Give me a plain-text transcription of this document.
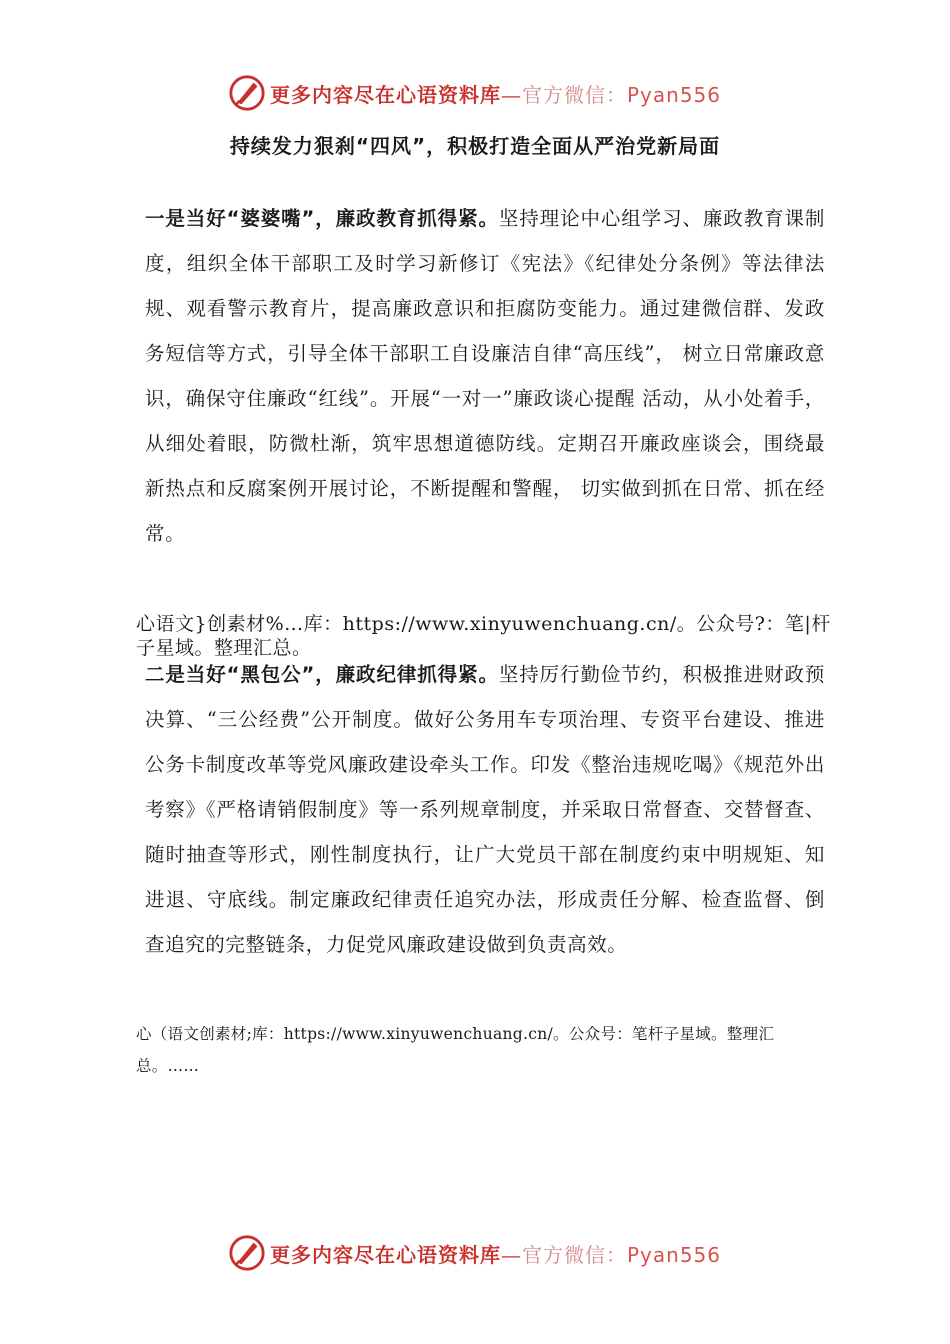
更多内容尽在心语资料库—官方微信：Pyan556
持续发力狠刹“四风”，积极打造全面从严治党新局面
一是当好“婆婆嘴”，廉政教育抓得紧。坚持理论中心组学习、廉政教育课制度，组织全体干部职工及时学习新修订《宪法》《纪律处分条例》等法律法规、观看警示教育片，提高廉政意识和拒腐防变能力。通过建微信群、发政务短信等方式，引导全体干部职工自设廉洁自律“高压线”， 树立日常廉政意识，确保守住廉政“红线”。开展“一对一”廉政谈心提醒 活动，从小处着手，从细处着眼，防微杜渐，筑牢思想道德防线。定期召开廉政座谈会，围绕最新热点和反腐案例开展讨论，不断提醒和警醒， 切实做到抓在日常、抓在经常。
心语文}创素材%…库：https://www.xinyuwenchuang.cn/。公众号?：笔|杆子星域。整理汇总。
二是当好“黑包公”，廉政纪律抓得紧。坚持厉行勤俭节约，积极推进财政预决算、“三公经费”公开制度。做好公务用车专项治理、专资平台建设、推进公务卡制度改革等党风廉政建设牵头工作。印发《整治违规吃喝》《规范外出考察》《严格请销假制度》等一系列规章制度，并采取日常督查、交替督查、随时抽查等形式，刚性制度执行，让广大党员干部在制度约束中明规矩、知进退、守底线。制定廉政纪律责任追究办法，形成责任分解、检查监督、倒查追究的完整链条，力促党风廉政建设做到负责高效。
心（语文创素材;库：https://www.xinyuwenchuang.cn/。公众号：笔杆子星域。整理汇总。……
更多内容尽在心语资料库—官方微信：Pyan556
